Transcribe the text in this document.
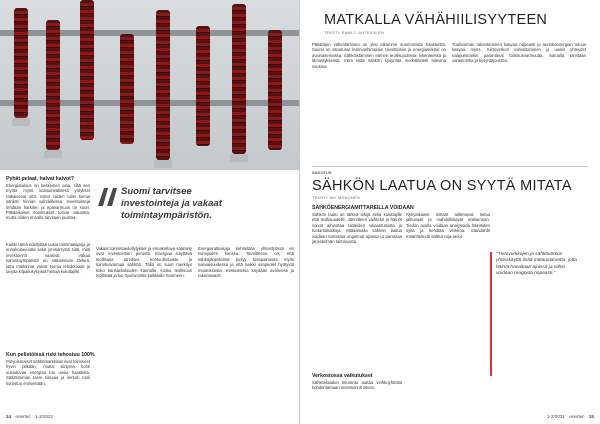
Pyhät pelaat, halvat kaivot?
Energiatalous on keskeinen asia, sillä sen myötä myös kansainvälisesti yritykset ratkaisevat sitä, miten niiden tulisi toimia sähkön hinnan vaihdellessa. Investointeja tehdään harkiten ja epävarmuus on suuri. Pitkäaikaiset sopimukset tuovat vakautta, mutta niiden rinnalla tarvitaan joustoa.
Kaikki tämä edellyttää uusia toimintatapoja ja ennakoitavuutta sekä ymmärrystä siitä, mitä investoinnit vaativat. Vakaa toimintaympäristö on ratkaisevan tärkeä, jotta markkinat voivat toimia tehokkaasti ja tarjota kilpailukykyisiä hintoja kuluttajille.
Kun pelistöissä riski tehostuu 100%
Pohjoismaiset sähkömarkkinat ovat toimineet hyvin pitkään, mutta siirtymä kohti uusiutuvaa energiaa tuo uusia haasteita. Säätövoiman tarve kasvaa ja verkon rooli korostuu entisestään.
Suomi tarvitsee investointeja ja vakaat toimintaympäristön.
Vakaat toimintaedellytykset ja ennakoitava sääntely ovat investointien perusta. Energiaa käyttävä teollisuus tarvitsee kohtuuhintaista ja toimitusvarmaa sähköä. Tällä on suuri merkitys koko kansantalouden kannalta, koska teollisuus työllistää ja luo hyvinvointia kaikkialle Suomeen.
Energiaratkaisuja kehitetään yhteistyössä eri toimijoiden kanssa. Tavoitteena on, että sähköjärjestelmä pysyy tasapainossa myös tulevaisuudessa ja että kaikki osapuolet hyötyvät muutoksesta. Keskustelua käydään avoimesti ja rakentavasti.
14 enertec 1-2/2021
MATKALLA VÄHÄHIILISYYTEEN
TEKSTI: SAMI J. AHTEKIN EN
Päästöjen vähentäminen on yksi aikamme suurimmista haasteista. Suomi on sitoutunut kunnianhimoisiin tavoitteisiin ja energiasektori on avainasemassa. Sähköistäminen etenee teollisuudessa, liikenteessä ja lämmityksessä, mikä lisää sähkön kysyntää merkittävästi tulevina vuosina.
Tuulivoiman rakentaminen kasvaa nopeasti ja aurinkoenergian osuus kasvaa myös. Siirtoverkon vahvistaminen ja uudet yhteydet naapurimaihin parantavat toimitusvarmuutta. Samalla tarvitaan varastointia ja kysyntäjoustoa.
SAKOTUS
SÄHKÖN LAATUA ON SYYTÄ MITATA
TEKSTI: AKI MONONEN
SÄHKÖENERGIAMITTAREILLA VOIDAAN
Sähkön laatu on tärkeä tekijä sekä kuluttajille että teollisuudelle. Jännitteen vaihtelut ja häiriöt voivat aiheuttaa laitteiden vikaantumista ja tuotantokatkoja. Mittaamalla sähkön laatua voidaan tunnistaa ongelmat ajoissa ja parantaa järjestelmän toimivuutta.
Verkostossa vaikutukset
Sähkönlaadun seuranta auttaa verkkoyhtiöitä kohdentamaan investoinnit oikein.
Nykyaikaiset mittarit tallentavat tietoa jatkuvasti ja mahdollistavat etäluennan. Tiedon avulla voidaan analysoida häiriöiden syitä ja kehittää verkkoa. Standardit määrittelevät sallitut raja-arvot.
1-2/2021 enertec 15
"Tietoverkkojen ja sähköverkon yhteiskäyttö lisää mittaustarvetta, jotta häiriöt havaitaan ajoissa ja niihin voidaan reagoida nopeasti."
